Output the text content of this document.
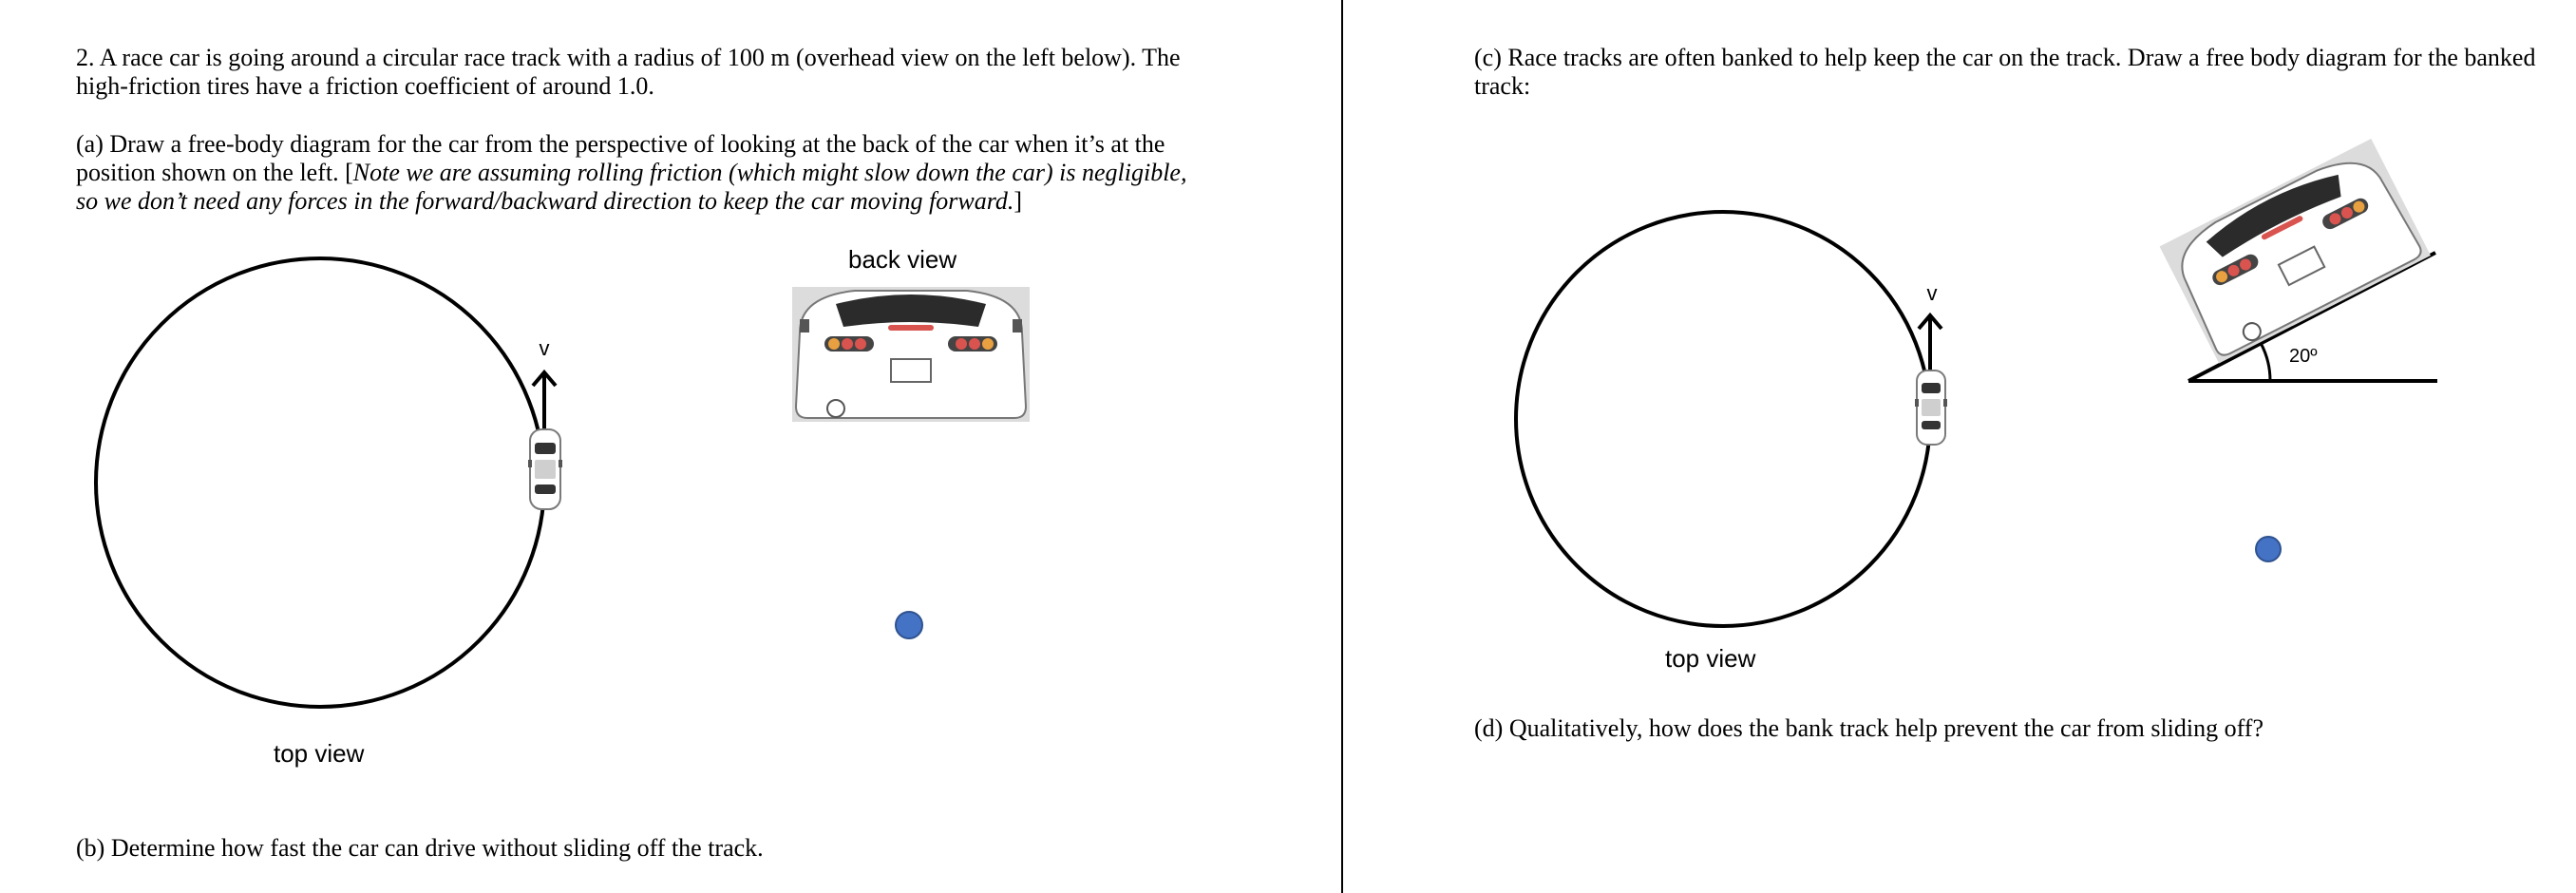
2. A race car is going around a circular race track with a radius of 100 m (overhead view on the left below). The

high-friction tires have a friction coefficient of around 1.0.

(a) Draw a free-body diagram for the car from the perspective of looking at the back of the car when it’s at the

position shown on the left. [Note we are assuming rolling friction (which might slow down the car) is negligible,

so we don’t need any forces in the forward/backward direction to keep the car moving forward.]

v

back view

top view

(b) Determine how fast the car can drive without sliding off the track.

(c) Race tracks are often banked to help keep the car on the track. Draw a free body diagram for the banked

track:

v
20º

top view

(d) Qualitatively, how does the bank track help prevent the car from sliding off?
